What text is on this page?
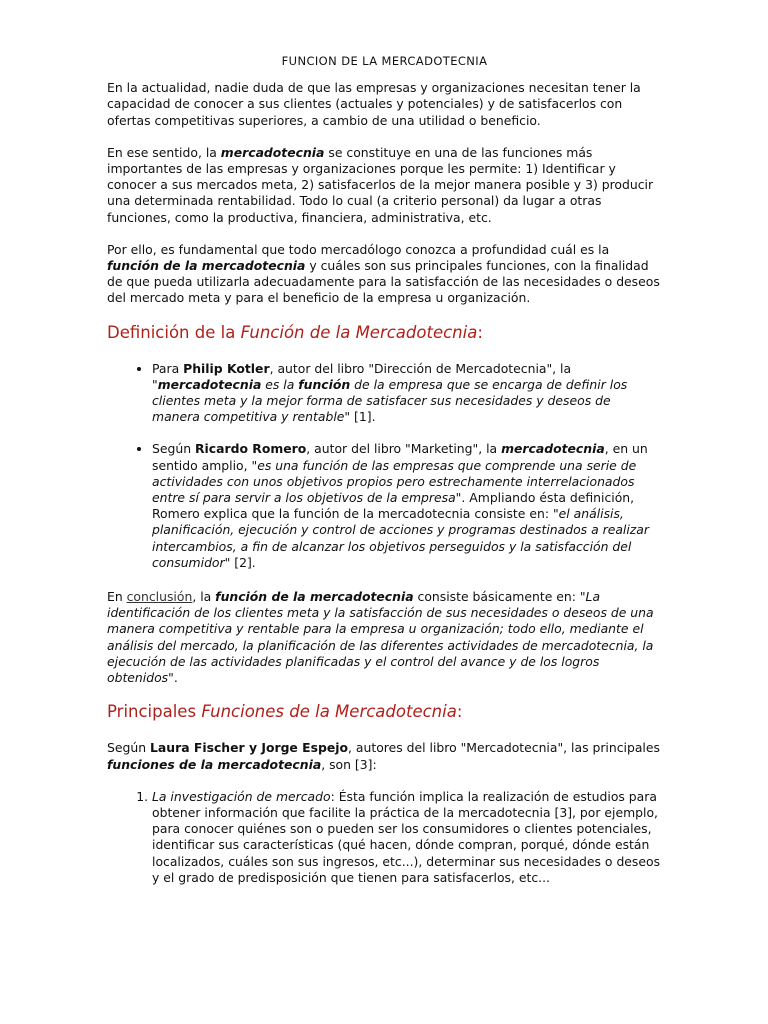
FUNCION DE LA MERCADOTECNIA

En la actualidad, nadie duda de que las empresas y organizaciones necesitan tener la capacidad de conocer a sus clientes (actuales y potenciales) y de satisfacerlos con ofertas competitivas superiores, a cambio de una utilidad o beneficio.

En ese sentido, la mercadotecnia se constituye en una de las funciones más importantes de las empresas y organizaciones porque les permite: 1) Identificar y conocer a sus mercados meta, 2) satisfacerlos de la mejor manera posible y 3) producir una determinada rentabilidad. Todo lo cual (a criterio personal) da lugar a otras funciones, como la productiva, financiera, administrativa, etc.

Por ello, es fundamental que todo mercadólogo conozca a profundidad cuál es la función de la mercadotecnia y cuáles son sus principales funciones, con la finalidad de que pueda utilizarla adecuadamente para la satisfacción de las necesidades o deseos del mercado meta y para el beneficio de la empresa u organización.

Definición de la Función de la Mercadotecnia:
• Para Philip Kotler, autor del libro "Dirección de Mercadotecnia", la "mercadotecnia es la función de la empresa que se encarga de definir los clientes meta y la mejor forma de satisfacer sus necesidades y deseos de manera competitiva y rentable" [1].
• Según Ricardo Romero, autor del libro "Marketing", la mercadotecnia, en un sentido amplio, "es una función de las empresas que comprende una serie de actividades con unos objetivos propios pero estrechamente interrelacionados entre sí para servir a los objetivos de la empresa". Ampliando ésta definición, Romero explica que la función de la mercadotecnia consiste en: "el análisis, planificación, ejecución y control de acciones y programas destinados a realizar intercambios, a fin de alcanzar los objetivos perseguidos y la satisfacción del consumidor" [2].

En conclusión, la función de la mercadotecnia consiste básicamente en: "La identificación de los clientes meta y la satisfacción de sus necesidades o deseos de una manera competitiva y rentable para la empresa u organización; todo ello, mediante el análisis del mercado, la planificación de las diferentes actividades de mercadotecnia, la ejecución de las actividades planificadas y el control del avance y de los logros obtenidos".

Principales Funciones de la Mercadotecnia:

Según Laura Fischer y Jorge Espejo, autores del libro "Mercadotecnia", las principales funciones de la mercadotecnia, son [3]:

1. La investigación de mercado: Ésta función implica la realización de estudios para obtener información que facilite la práctica de la mercadotecnia [3], por ejemplo, para conocer quiénes son o pueden ser los consumidores o clientes potenciales, identificar sus características (qué hacen, dónde compran, porqué, dónde están localizados, cuáles son sus ingresos, etc...), determinar sus necesidades o deseos y el grado de predisposición que tienen para satisfacerlos, etc...
